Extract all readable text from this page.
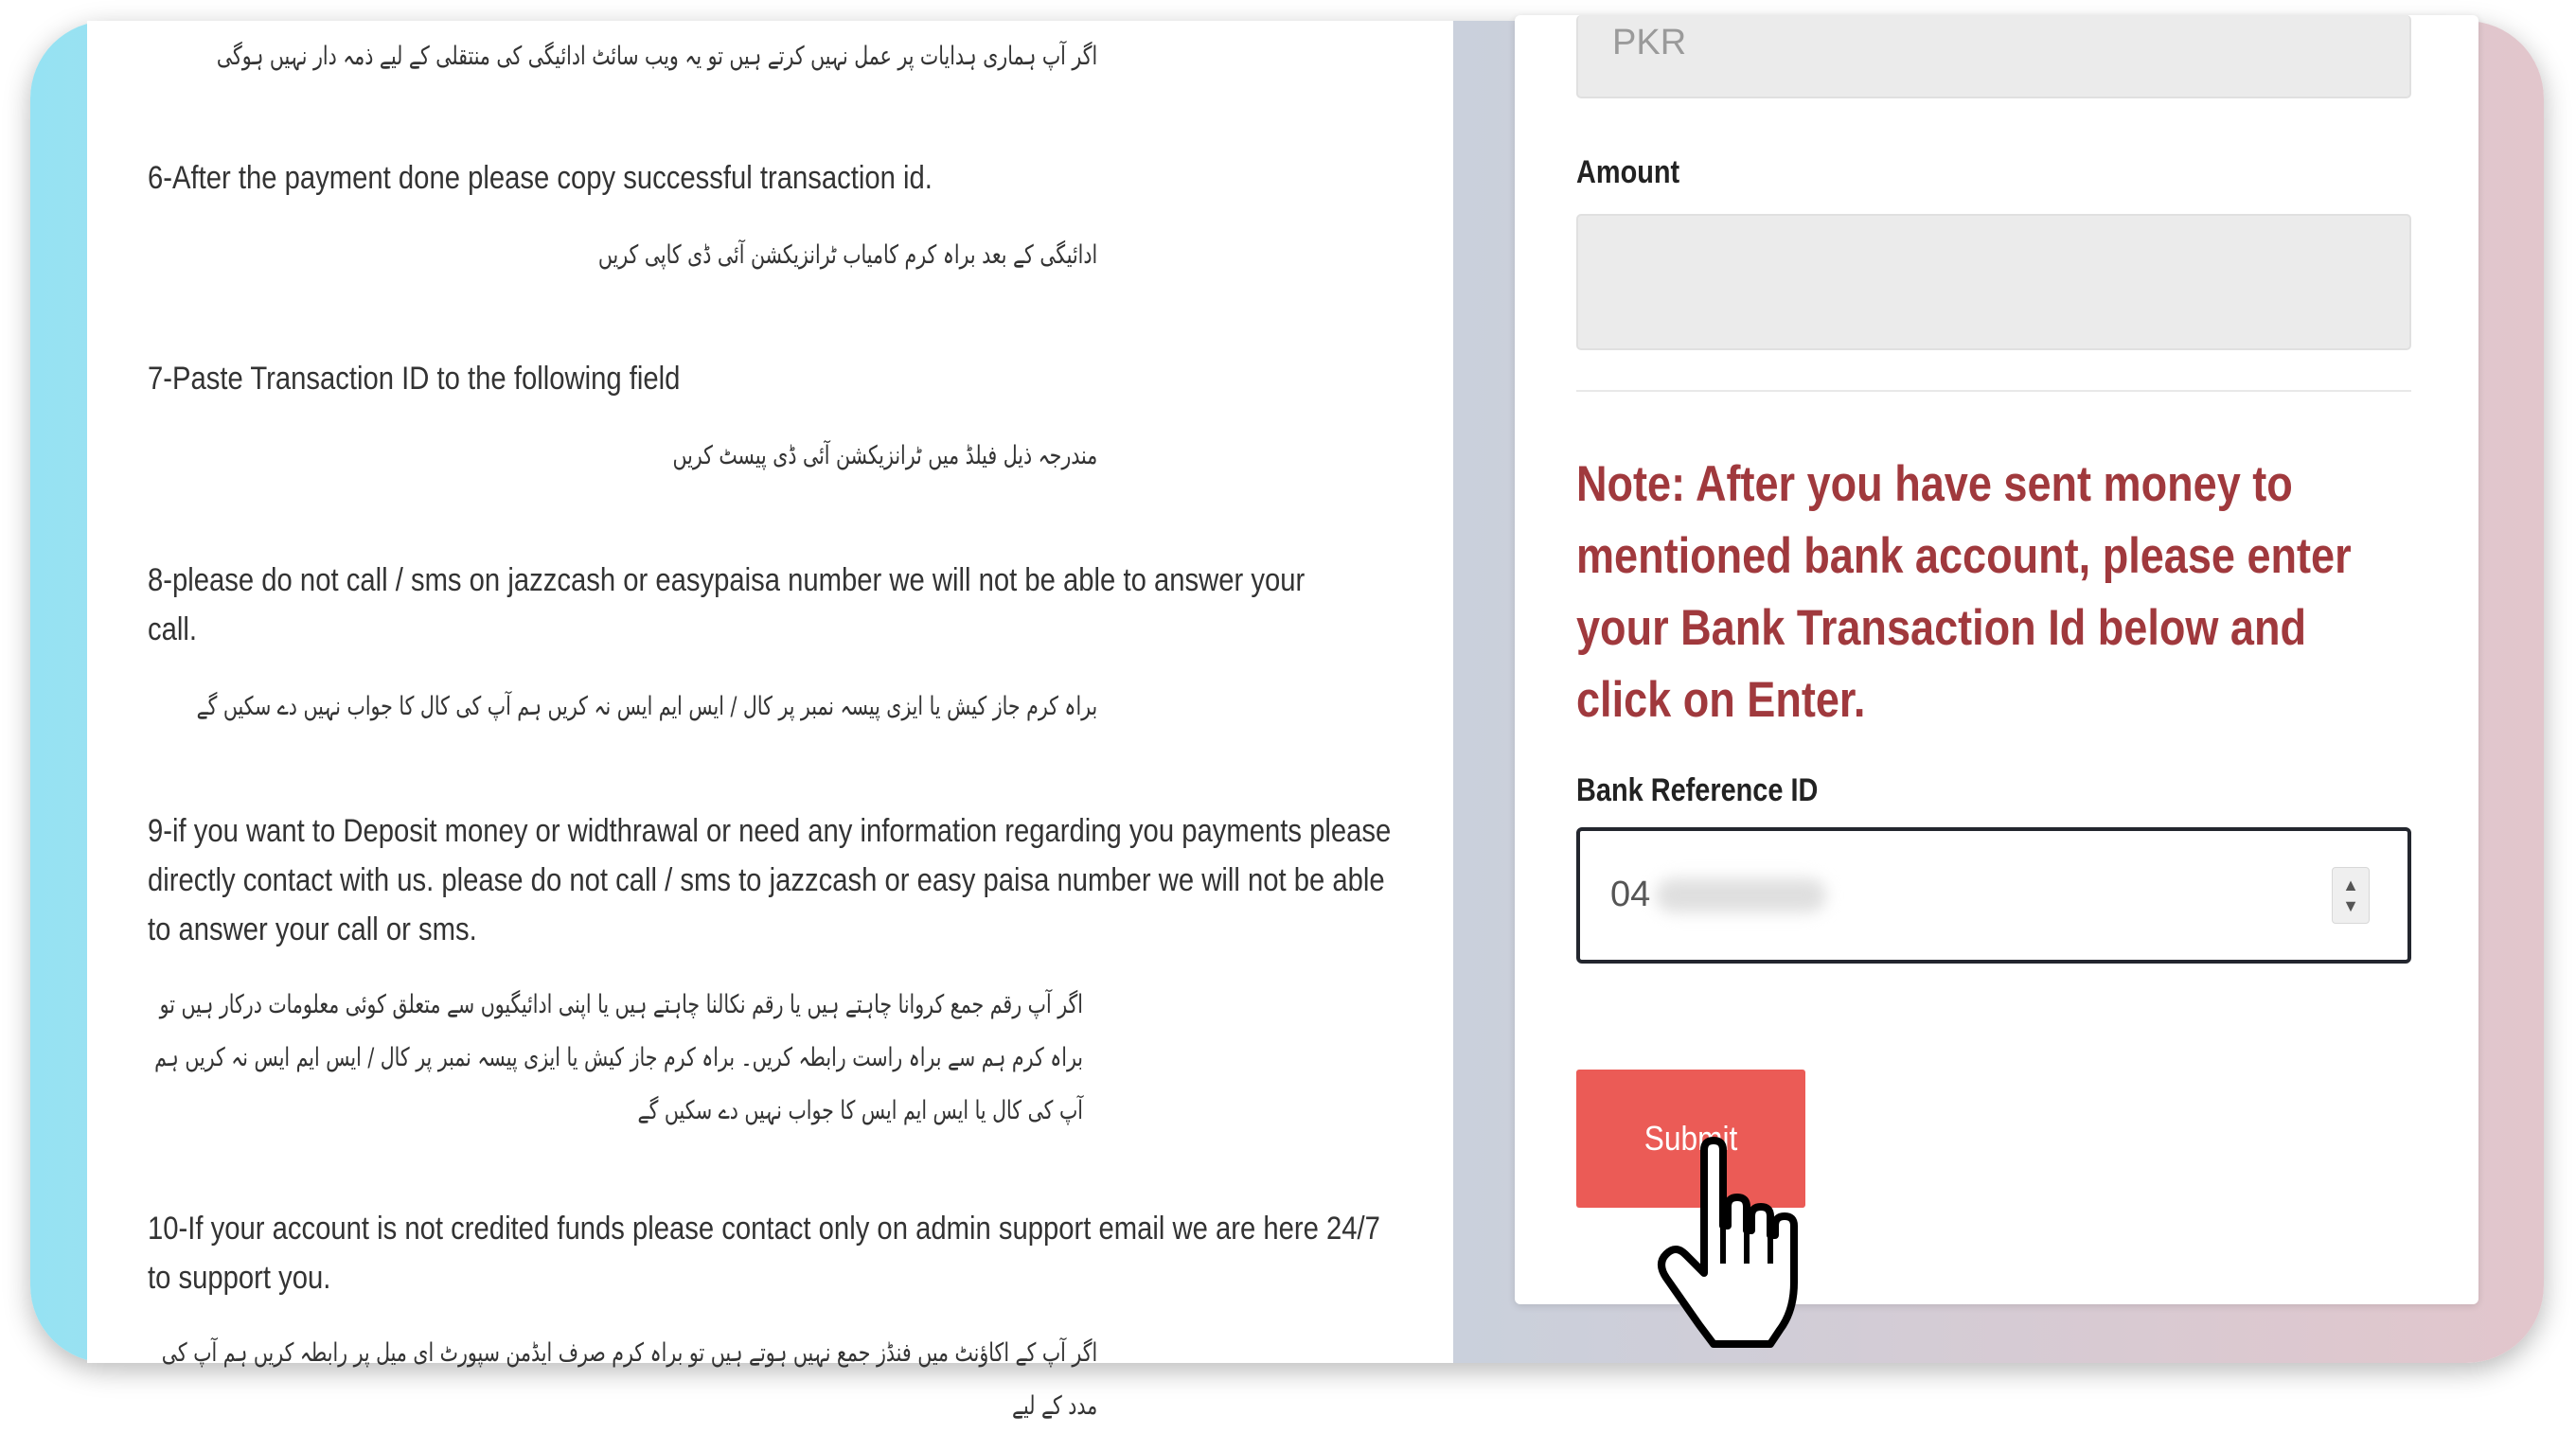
اگر آپ ہماری ہدایات پر عمل نہیں کرتے ہیں تو یہ ویب سائٹ ادائیگی کی منتقلی کے لیے ذمہ دار نہیں ہوگی

6-After the payment done please copy successful transaction id.

ادائیگی کے بعد براہ کرم کامیاب ٹرانزیکشن آئی ڈی کاپی کریں

7-Paste Transaction ID to the following field

مندرجہ ذیل فیلڈ میں ٹرانزیکشن آئی ڈی پیسٹ کریں

8-please do not call / sms on jazzcash or easypaisa number we will not be able to answer your call.

براہ کرم جاز کیش یا ایزی پیسہ نمبر پر کال / ایس ایم ایس نہ کریں ہم آپ کی کال کا جواب نہیں دے سکیں گے

9-if you want to Deposit money or widthrawal or need any information regarding you payments please directly contact with us. please do not call / sms to jazzcash or easy paisa number we will not be able to answer your call or sms.

اگر آپ رقم جمع کروانا چاہتے ہیں یا رقم نکالنا چاہتے ہیں یا اپنی ادائیگیوں سے متعلق کوئی معلومات درکار ہیں تو براہ کرم ہم سے براہ راست رابطہ کریں۔ براہ کرم جاز کیش یا ایزی پیسہ نمبر پر کال / ایس ایم ایس نہ کریں ہم آپ کی کال یا ایس ایم ایس کا جواب نہیں دے سکیں گے

10-If your account is not credited funds please contact only on admin support email we are here 24/7 to support you.

اگر آپ کے اکاؤنٹ میں فنڈز جمع نہیں ہوتے ہیں تو براہ کرم صرف ایڈمن سپورٹ ای میل پر رابطہ کریں ہم آپ کی مدد کے لیے

PKR

Amount

Note: After you have sent money to mentioned bank account, please enter your Bank Transaction Id below and click on Enter.

Bank Reference ID

04	▲
▼
Submit
